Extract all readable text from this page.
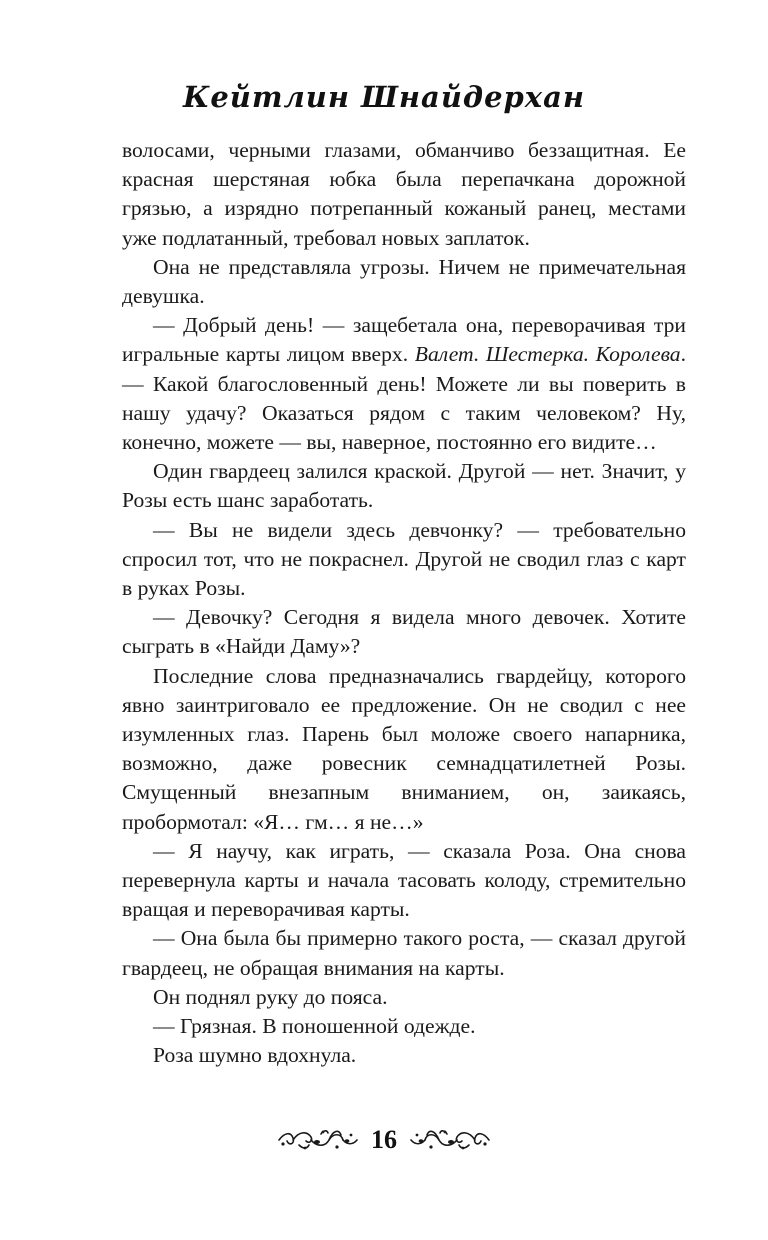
Кейтлин Шнайдерхан

волосами, черными глазами, обманчиво беззащитная. Ее красная шерстяная юбка была перепачкана дорожной грязью, а изрядно потрепанный кожаный ранец, местами уже подлатанный, требовал новых заплаток.

Она не представляла угрозы. Ничем не примечательная девушка.

— Добрый день! — защебетала она, переворачивая три игральные карты лицом вверх. Валет. Шестерка. Королева. — Какой благословенный день! Можете ли вы поверить в нашу удачу? Оказаться рядом с таким человеком? Ну, конечно, можете — вы, наверное, постоянно его видите…

Один гвардеец залился краской. Другой — нет. Значит, у Розы есть шанс заработать.

— Вы не видели здесь девчонку? — требовательно спросил тот, что не покраснел. Другой не сводил глаз с карт в руках Розы.

— Девочку? Сегодня я видела много девочек. Хотите сыграть в «Найди Даму»?

Последние слова предназначались гвардейцу, которого явно заинтриговало ее предложение. Он не сводил с нее изумленных глаз. Парень был моложе своего напарника, возможно, даже ровесник семнадцатилетней Розы. Смущенный внезапным вниманием, он, заикаясь, пробормотал: «Я… гм… я не…»

— Я научу, как играть, — сказала Роза. Она снова перевернула карты и начала тасовать колоду, стремительно вращая и переворачивая карты.

— Она была бы примерно такого роста, — сказал другой гвардеец, не обращая внимания на карты.

Он поднял руку до пояса.

— Грязная. В поношенной одежде.

Роза шумно вдохнула.

16
